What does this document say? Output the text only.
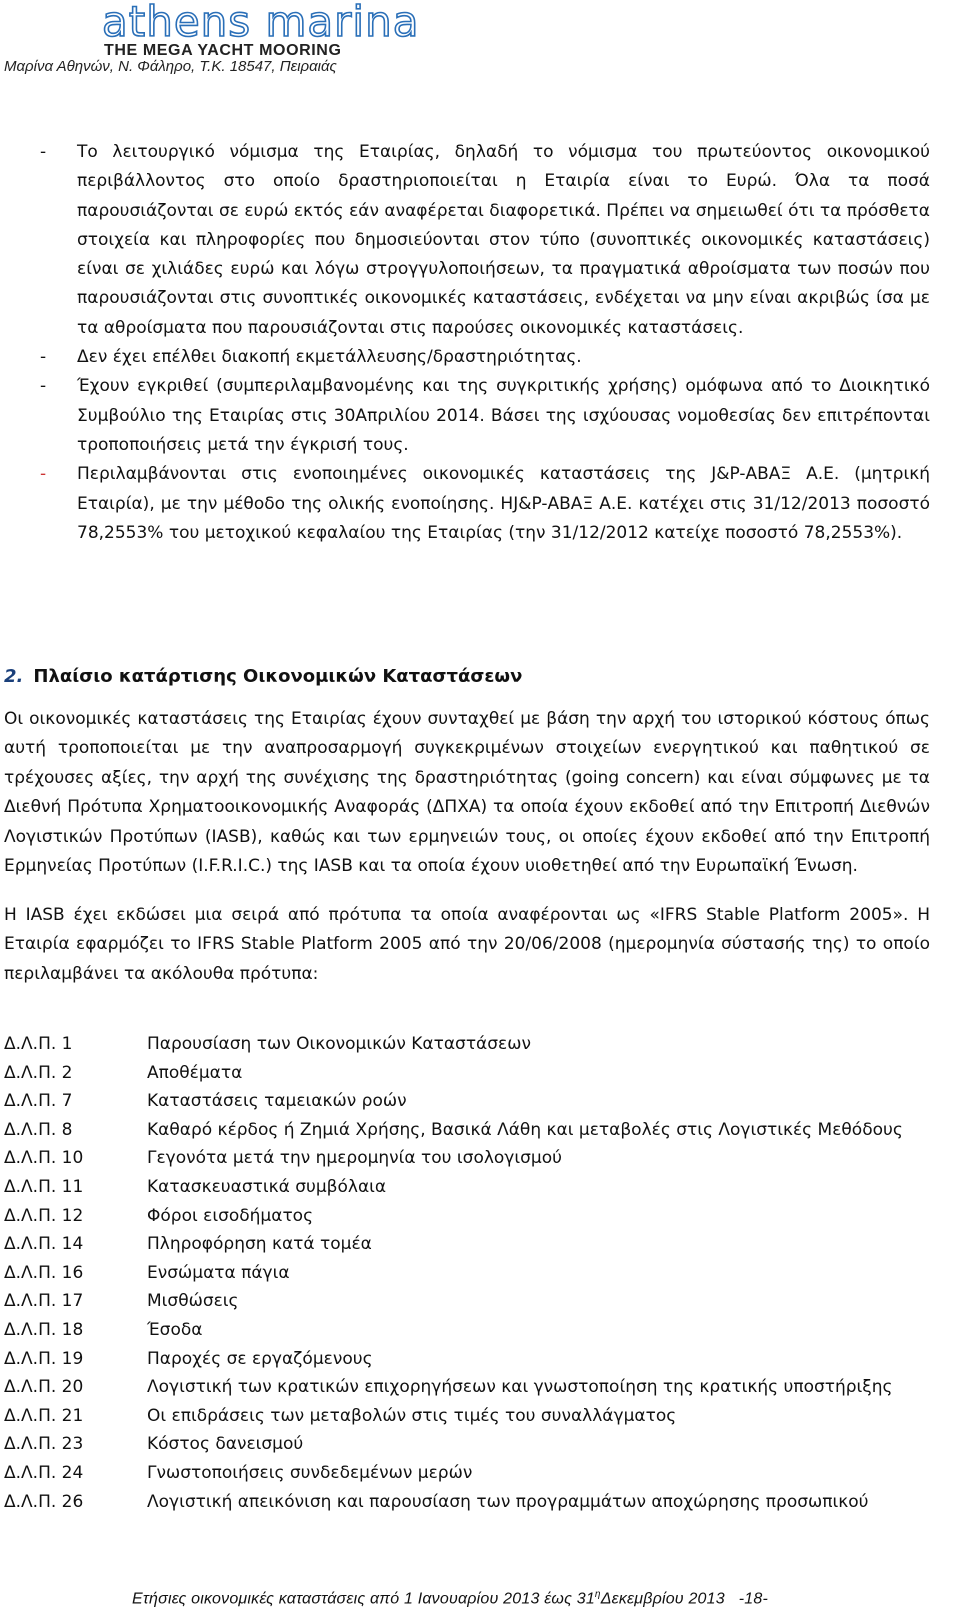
athens marina
THE MEGA YACHT MOORING
Μαρίνα Αθηνών, Ν. Φάληρο, Τ.Κ. 18547, Πειραιάς
- Το λειτουργικό νόμισμα της Εταιρίας, δηλαδή το νόμισμα του πρωτεύοντος οικονομικού περιβάλλοντος στο οποίο δραστηριοποιείται η Εταιρία είναι το Ευρώ. Όλα τα ποσά παρουσιάζονται σε ευρώ εκτός εάν αναφέρεται διαφορετικά. Πρέπει να σημειωθεί ότι τα πρόσθετα στοιχεία και πληροφορίες που δημοσιεύονται στον τύπο (συνοπτικές οικονομικές καταστάσεις) είναι σε χιλιάδες ευρώ και λόγω στρογγυλοποιήσεων, τα πραγματικά αθροίσματα των ποσών που παρουσιάζονται στις συνοπτικές οικονομικές καταστάσεις, ενδέχεται να μην είναι ακριβώς ίσα με τα αθροίσματα που παρουσιάζονται στις παρούσες οικονομικές καταστάσεις.
- Δεν έχει επέλθει διακοπή εκμετάλλευσης/δραστηριότητας.
- Έχουν εγκριθεί (συμπεριλαμβανομένης και της συγκριτικής χρήσης) ομόφωνα από το Διοικητικό Συμβούλιο της Εταιρίας στις 30Απριλίου 2014. Βάσει της ισχύουσας νομοθεσίας δεν επιτρέπονται τροποποιήσεις μετά την έγκρισή τους.
- Περιλαμβάνονται στις ενοποιημένες οικονομικές καταστάσεις της J&P-ΑΒΑΞ Α.Ε. (μητρική Εταιρία), με την μέθοδο της ολικής ενοποίησης. ΗJ&P-ΑΒΑΞ Α.Ε. κατέχει στις 31/12/2013 ποσοστό 78,2553% του μετοχικού κεφαλαίου της Εταιρίας (την 31/12/2012 κατείχε ποσοστό 78,2553%).
2. Πλαίσιο κατάρτισης Οικονομικών Καταστάσεων

Οι οικονομικές καταστάσεις της Εταιρίας έχουν συνταχθεί με βάση την αρχή του ιστορικού κόστους όπως αυτή τροποποιείται με την αναπροσαρμογή συγκεκριμένων στοιχείων ενεργητικού και παθητικού σε τρέχουσες αξίες, την αρχή της συνέχισης της δραστηριότητας (going concern) και είναι σύμφωνες με τα Διεθνή Πρότυπα Χρηματοοικονομικής Αναφοράς (ΔΠΧΑ) τα οποία έχουν εκδοθεί από την Επιτροπή Διεθνών Λογιστικών Προτύπων (IASB), καθώς και των ερμηνειών τους, οι οποίες έχουν εκδοθεί από την Επιτροπή Ερμηνείας Προτύπων (I.F.R.I.C.) της IASB και τα οποία έχουν υιοθετηθεί από την Ευρωπαϊκή Ένωση.

Η IASB έχει εκδώσει μια σειρά από πρότυπα τα οποία αναφέρονται ως «IFRS Stable Platform 2005». Η Εταιρία εφαρμόζει το IFRS Stable Platform 2005 από την 20/06/2008 (ημερομηνία σύστασής της) το οποίο περιλαμβάνει τα ακόλουθα πρότυπα:

Δ.Λ.Π. 1	Παρουσίαση των Οικονομικών Καταστάσεων
Δ.Λ.Π. 2	Αποθέματα
Δ.Λ.Π. 7	Καταστάσεις ταμειακών ροών
Δ.Λ.Π. 8	Καθαρό κέρδος ή Ζημιά Χρήσης, Βασικά Λάθη και μεταβολές στις Λογιστικές Μεθόδους
Δ.Λ.Π. 10	Γεγονότα μετά την ημερομηνία του ισολογισμού
Δ.Λ.Π. 11	Κατασκευαστικά συμβόλαια
Δ.Λ.Π. 12	Φόροι εισοδήματος
Δ.Λ.Π. 14	Πληροφόρηση κατά τομέα
Δ.Λ.Π. 16	Ενσώματα πάγια
Δ.Λ.Π. 17	Μισθώσεις
Δ.Λ.Π. 18	Έσοδα
Δ.Λ.Π. 19	Παροχές σε εργαζόμενους
Δ.Λ.Π. 20	Λογιστική των κρατικών επιχορηγήσεων και γνωστοποίηση της κρατικής υποστήριξης
Δ.Λ.Π. 21	Οι επιδράσεις των μεταβολών στις τιμές του συναλλάγματος
Δ.Λ.Π. 23	Κόστος δανεισμού
Δ.Λ.Π. 24	Γνωστοποιήσεις συνδεδεμένων μερών
Δ.Λ.Π. 26	Λογιστική απεικόνιση και παρουσίαση των προγραμμάτων αποχώρησης προσωπικού
Ετήσιες οικονομικές καταστάσεις από 1 Ιανουαρίου 2013 έως $31^\eta\Delta\varepsilon\kappa\varepsilon\mu\beta\rho ίo\upsilon$ 2013 -18-
